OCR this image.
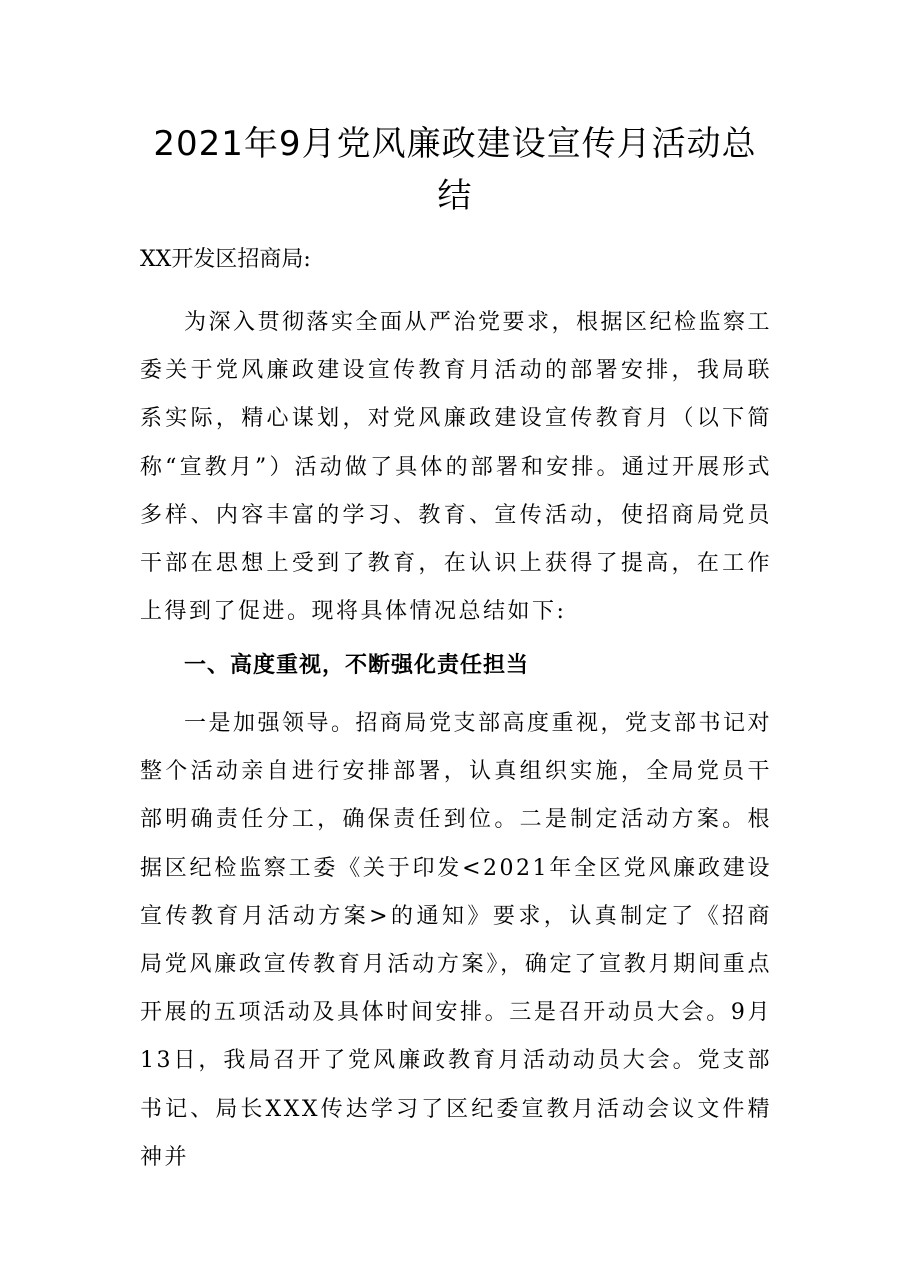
2021年9月党风廉政建设宣传月活动总结

XX开发区招商局:

为深入贯彻落实全面从严治党要求，根据区纪检监察工委关于党风廉政建设宣传教育月活动的部署安排，我局联系实际，精心谋划，对党风廉政建设宣传教育月（以下简称“宣教月”）活动做了具体的部署和安排。通过开展形式多样、内容丰富的学习、教育、宣传活动，使招商局党员干部在思想上受到了教育，在认识上获得了提高，在工作上得到了促进。现将具体情况总结如下:

一、高度重视，不断强化责任担当

一是加强领导。招商局党支部高度重视，党支部书记对整个活动亲自进行安排部署，认真组织实施，全局党员干部明确责任分工，确保责任到位。二是制定活动方案。根据区纪检监察工委《关于印发<2021年全区党风廉政建设宣传教育月活动方案>的通知》要求，认真制定了《招商局党风廉政宣传教育月活动方案》，确定了宣教月期间重点开展的五项活动及具体时间安排。三是召开动员大会。9月13日，我局召开了党风廉政教育月活动动员大会。党支部书记、局长XXX传达学习了区纪委宣教月活动会议文件精神并
